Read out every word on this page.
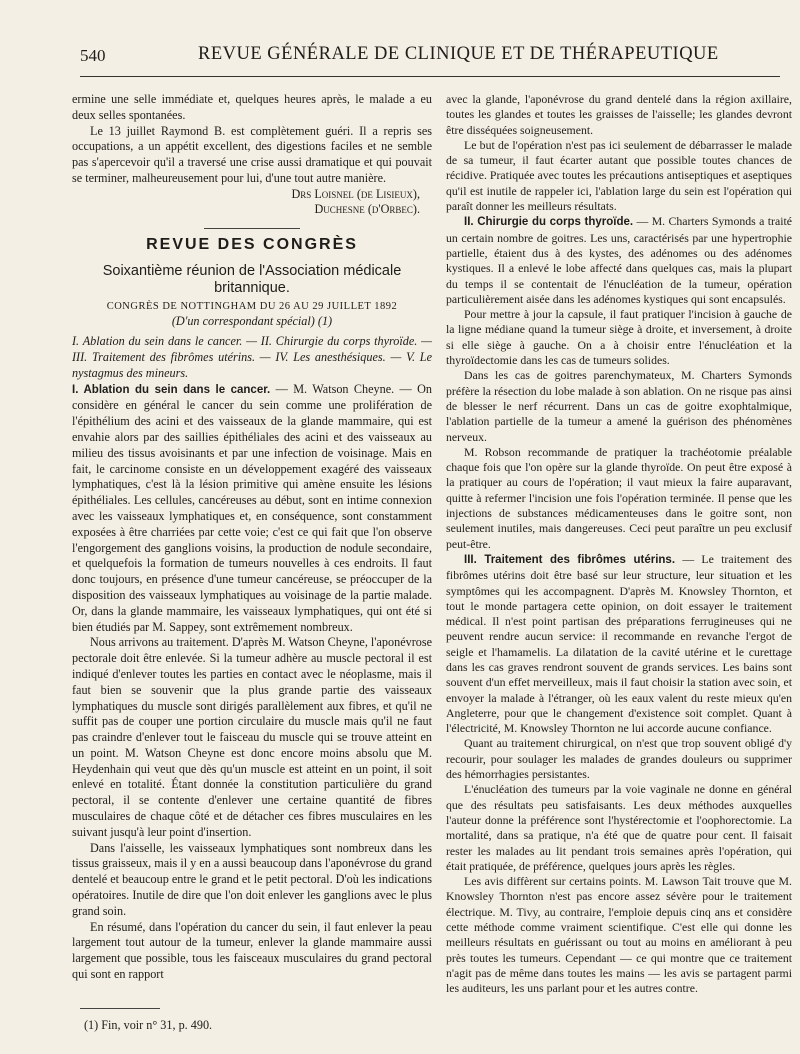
540	REVUE GÉNÉRALE DE CLINIQUE ET DE THÉRAPEUTIQUE

ermine une selle immédiate et, quelques heures après, le malade a eu deux selles spontanées.

Le 13 juillet Raymond B. est complètement guéri. Il a repris ses occupations, a un appétit excellent, des digestions faciles et ne semble pas s'apercevoir qu'il a traversé une crise aussi dramatique et qui pouvait se terminer, malheureusement pour lui, d'une tout autre manière.

Drs Loisnel (de Lisieux),
Duchesne (d'Orbec).
REVUE DES CONGRÈS
Soixantième réunion de l'Association médicale britannique.
CONGRÈS DE NOTTINGHAM DU 26 AU 29 JUILLET 1892
(D'un correspondant spécial) (1)

I. Ablation du sein dans le cancer. — II. Chirurgie du corps thyroïde. — III. Traitement des fibrômes utérins. — IV. Les anesthésiques. — V. Le nystagmus des mineurs.

I. Ablation du sein dans le cancer. — M. Watson Cheyne. — On considère en général le cancer du sein comme une prolifération de l'épithélium des acini et des vaisseaux de la glande mammaire, qui est envahie alors par des saillies épithéliales des acini et des vaisseaux au milieu des tissus avoisinants et par une infection de voisinage. Mais en fait, le carcinome consiste en un développement exagéré des vaisseaux lymphatiques, c'est là la lésion primitive qui amène ensuite les lésions épithéliales. Les cellules, cancéreuses au début, sont en intime connexion avec les vaisseaux lymphatiques et, en conséquence, sont constamment exposées à être charriées par cette voie; c'est ce qui fait que l'on observe l'engorgement des ganglions voisins, la production de nodule secondaire, et quelquefois la formation de tumeurs nouvelles à ces endroits. Il faut donc toujours, en présence d'une tumeur cancéreuse, se préoccuper de la disposition des vaisseaux lymphatiques au voisinage de la partie malade. Or, dans la glande mammaire, les vaisseaux lymphatiques, qui ont été si bien étudiés par M. Sappey, sont extrêmement nombreux.

Nous arrivons au traitement. D'après M. Watson Cheyne, l'aponévrose pectorale doit être enlevée. Si la tumeur adhère au muscle pectoral il est indiqué d'enlever toutes les parties en contact avec le néoplasme, mais il faut bien se souvenir que la plus grande partie des vaisseaux lymphatiques du muscle sont dirigés parallèlement aux fibres, et qu'il ne suffit pas de couper une portion circulaire du muscle mais qu'il ne faut pas craindre d'enlever tout le faisceau du muscle qui se trouve atteint en un point. M. Watson Cheyne est donc encore moins absolu que M. Heydenhain qui veut que dès qu'un muscle est atteint en un point, il soit enlevé en totalité. Étant donnée la constitution particulière du grand pectoral, il se contente d'enlever une certaine quantité de fibres musculaires de chaque côté et de détacher ces fibres musculaires en les suivant jusqu'à leur point d'insertion.

Dans l'aisselle, les vaisseaux lymphatiques sont nombreux dans les tissus graisseux, mais il y en a aussi beaucoup dans l'aponévrose du grand dentelé et beaucoup entre le grand et le petit pectoral. D'où les indications opératoires. Inutile de dire que l'on doit enlever les ganglions avec le plus grand soin.

En résumé, dans l'opération du cancer du sein, il faut enlever la peau largement tout autour de la tumeur, enlever la glande mammaire aussi largement que possible, tous les faisceaux musculaires du grand pectoral qui sont en rapport

avec la glande, l'aponévrose du grand dentelé dans la région axillaire, toutes les glandes et toutes les graisses de l'aisselle; les glandes devront être disséquées soigneusement.

Le but de l'opération n'est pas ici seulement de débarrasser le malade de sa tumeur, il faut écarter autant que possible toutes chances de récidive. Pratiquée avec toutes les précautions antiseptiques et aseptiques qu'il est inutile de rappeler ici, l'ablation large du sein est l'opération qui paraît donner les meilleurs résultats.

II. Chirurgie du corps thyroïde. — M. Charters Symonds a traité un certain nombre de goitres. Les uns, caractérisés par une hypertrophie partielle, étaient dus à des kystes, des adénomes ou des adénomes kystiques. Il a enlevé le lobe affecté dans quelques cas, mais la plupart du temps il se contentait de l'énucléation de la tumeur, opération particulièrement aisée dans les adénomes kystiques qui sont encapsulés.

Pour mettre à jour la capsule, il faut pratiquer l'incision à gauche de la ligne médiane quand la tumeur siège à droite, et inversement, à droite si elle siège à gauche. On a à choisir entre l'énucléation et la thyroïdectomie dans les cas de tumeurs solides.

Dans les cas de goitres parenchymateux, M. Charters Symonds préfère la résection du lobe malade à son ablation. On ne risque pas ainsi de blesser le nerf récurrent. Dans un cas de goitre exophtalmique, l'ablation partielle de la tumeur a amené la guérison des phénomènes nerveux.

M. Robson recommande de pratiquer la trachéotomie préalable chaque fois que l'on opère sur la glande thyroïde. On peut être exposé à la pratiquer au cours de l'opération; il vaut mieux la faire auparavant, quitte à refermer l'incision une fois l'opération terminée. Il pense que les injections de substances médicamenteuses dans le goitre sont, non seulement inutiles, mais dangereuses. Ceci peut paraître un peu exclusif peut-être.

III. Traitement des fibrômes utérins. — Le traitement des fibrômes utérins doit être basé sur leur structure, leur situation et les symptômes qui les accompagnent. D'après M. Knowsley Thornton, et tout le monde partagera cette opinion, on doit essayer le traitement médical. Il n'est point partisan des préparations ferrugineuses qui ne peuvent rendre aucun service: il recommande en revanche l'ergot de seigle et l'hamamelis. La dilatation de la cavité utérine et le curettage dans les cas graves rendront souvent de grands services. Les bains sont souvent d'un effet merveilleux, mais il faut choisir la station avec soin, et envoyer la malade à l'étranger, où les eaux valent du reste mieux qu'en Angleterre, pour que le changement d'existence soit complet. Quant à l'électricité, M. Knowsley Thornton ne lui accorde aucune confiance.

Quant au traitement chirurgical, on n'est que trop souvent obligé d'y recourir, pour soulager les malades de grandes douleurs ou supprimer des hémorrhagies persistantes.

L'énucléation des tumeurs par la voie vaginale ne donne en général que des résultats peu satisfaisants. Les deux méthodes auxquelles l'auteur donne la préférence sont l'hystérectomie et l'oophorectomie. La mortalité, dans sa pratique, n'a été que de quatre pour cent. Il faisait rester les malades au lit pendant trois semaines après l'opération, qui était pratiquée, de préférence, quelques jours après les règles.

Les avis diffèrent sur certains points. M. Lawson Tait trouve que M. Knowsley Thornton n'est pas encore assez sévère pour le traitement électrique. M. Tivy, au contraire, l'emploie depuis cinq ans et considère cette méthode comme vraiment scientifique. C'est elle qui donne les meilleurs résultats en guérissant ou tout au moins en améliorant à peu près toutes les tumeurs. Cependant — ce qui montre que ce traitement n'agit pas de même dans toutes les mains — les avis se partagent parmi les auditeurs, les uns parlant pour et les autres contre.

(1) Fin, voir n° 31, p. 490.
